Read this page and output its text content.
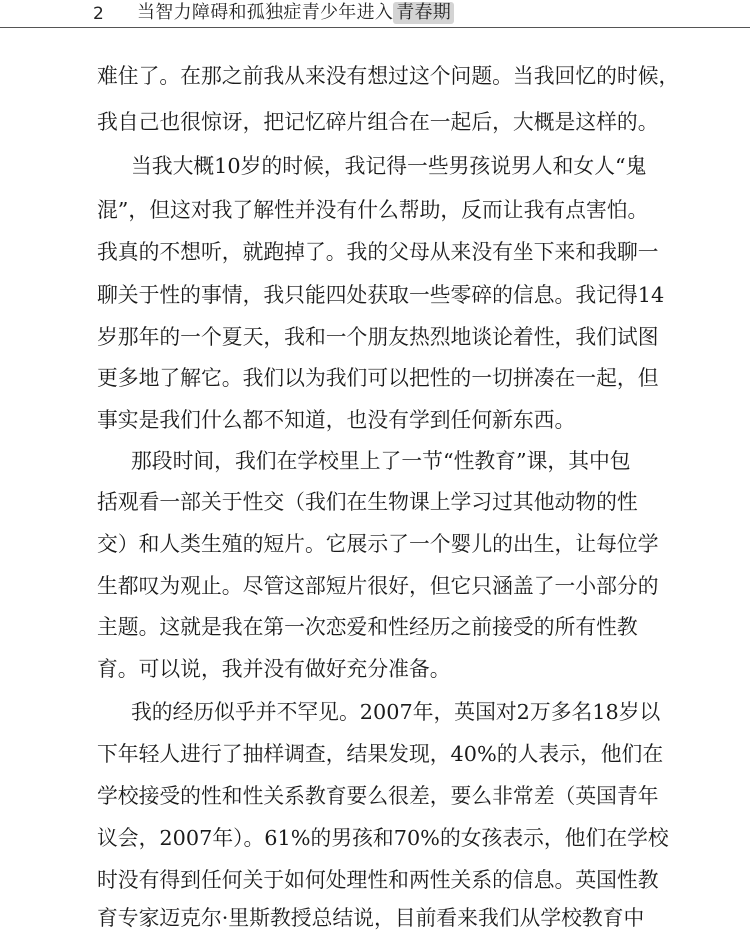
2 当智力障碍和孤独症青少年进入 青春期
难住了。在那之前我从来没有想过这个问题。当我回忆的时候，
我自己也很惊讶，把记忆碎片组合在一起后，大概是这样的。
当我大概10岁的时候，我记得一些男孩说男人和女人“鬼
混”，但这对我了解性并没有什么帮助，反而让我有点害怕。
我真的不想听，就跑掉了。我的父母从来没有坐下来和我聊一
聊关于性的事情，我只能四处获取一些零碎的信息。我记得14
岁那年的一个夏天，我和一个朋友热烈地谈论着性，我们试图
更多地了解它。我们以为我们可以把性的一切拼凑在一起，但
事实是我们什么都不知道，也没有学到任何新东西。
那段时间，我们在学校里上了一节“性教育”课，其中包
括观看一部关于性交（我们在生物课上学习过其他动物的性
交）和人类生殖的短片。它展示了一个婴儿的出生，让每位学
生都叹为观止。尽管这部短片很好，但它只涵盖了一小部分的
主题。这就是我在第一次恋爱和性经历之前接受的所有性教
育。可以说，我并没有做好充分准备。
我的经历似乎并不罕见。2007年，英国对2万多名18岁以
下年轻人进行了抽样调查，结果发现，40%的人表示，他们在
学校接受的性和性关系教育要么很差，要么非常差（英国青年
议会，2007年）。61%的男孩和70%的女孩表示，他们在学校
时没有得到任何关于如何处理性和两性关系的信息。英国性教
育专家迈克尔·里斯教授总结说，目前看来我们从学校教育中
